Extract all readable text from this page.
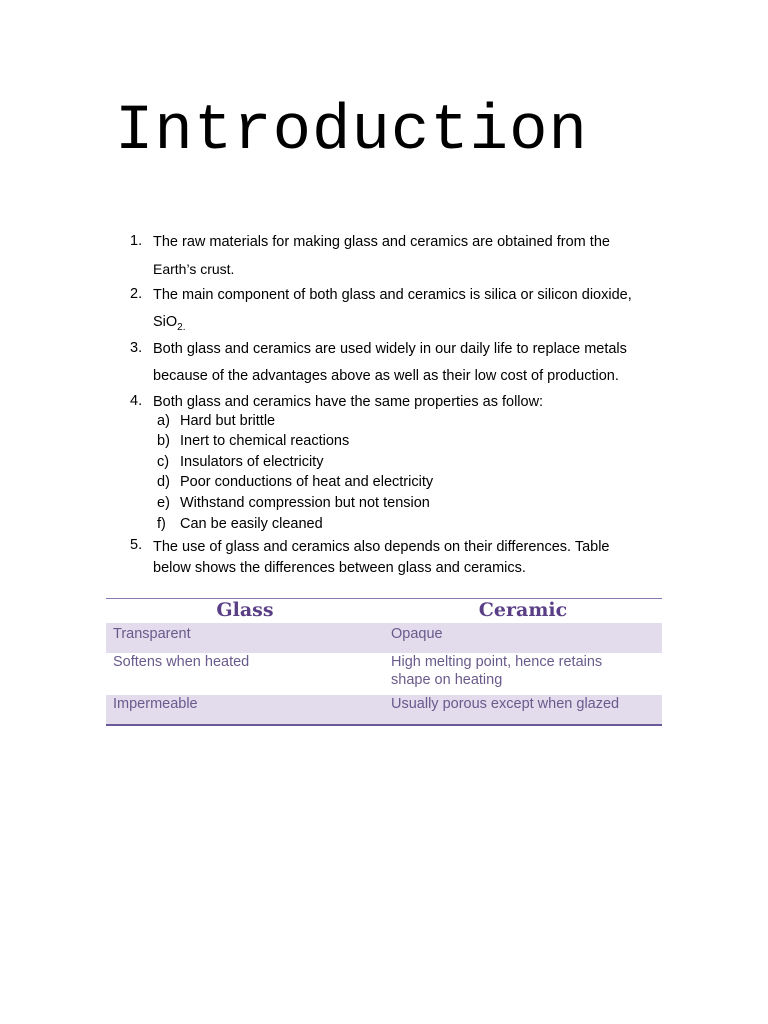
Introduction
1. The raw materials for making glass and ceramics are obtained from the
Earth’s crust.
2. The main component of both glass and ceramics is silica or silicon dioxide,
SiO$_{2.}$
3. Both glass and ceramics are used widely in our daily life to replace metals
because of the advantages above as well as their low cost of production.
4. Both glass and ceramics have the same properties as follow:
a) Hard but brittle
b) Inert to chemical reactions
c) Insulators of electricity
d) Poor conductions of heat and electricity
e) Withstand compression but not tension
f) Can be easily cleaned
5. The use of glass and ceramics also depends on their differences. Table
below shows the differences between glass and ceramics.
Glass	Ceramic
Transparent	Opaque
Softens when heated	High melting point, hence retains shape on heating
Impermeable	Usually porous except when glazed
